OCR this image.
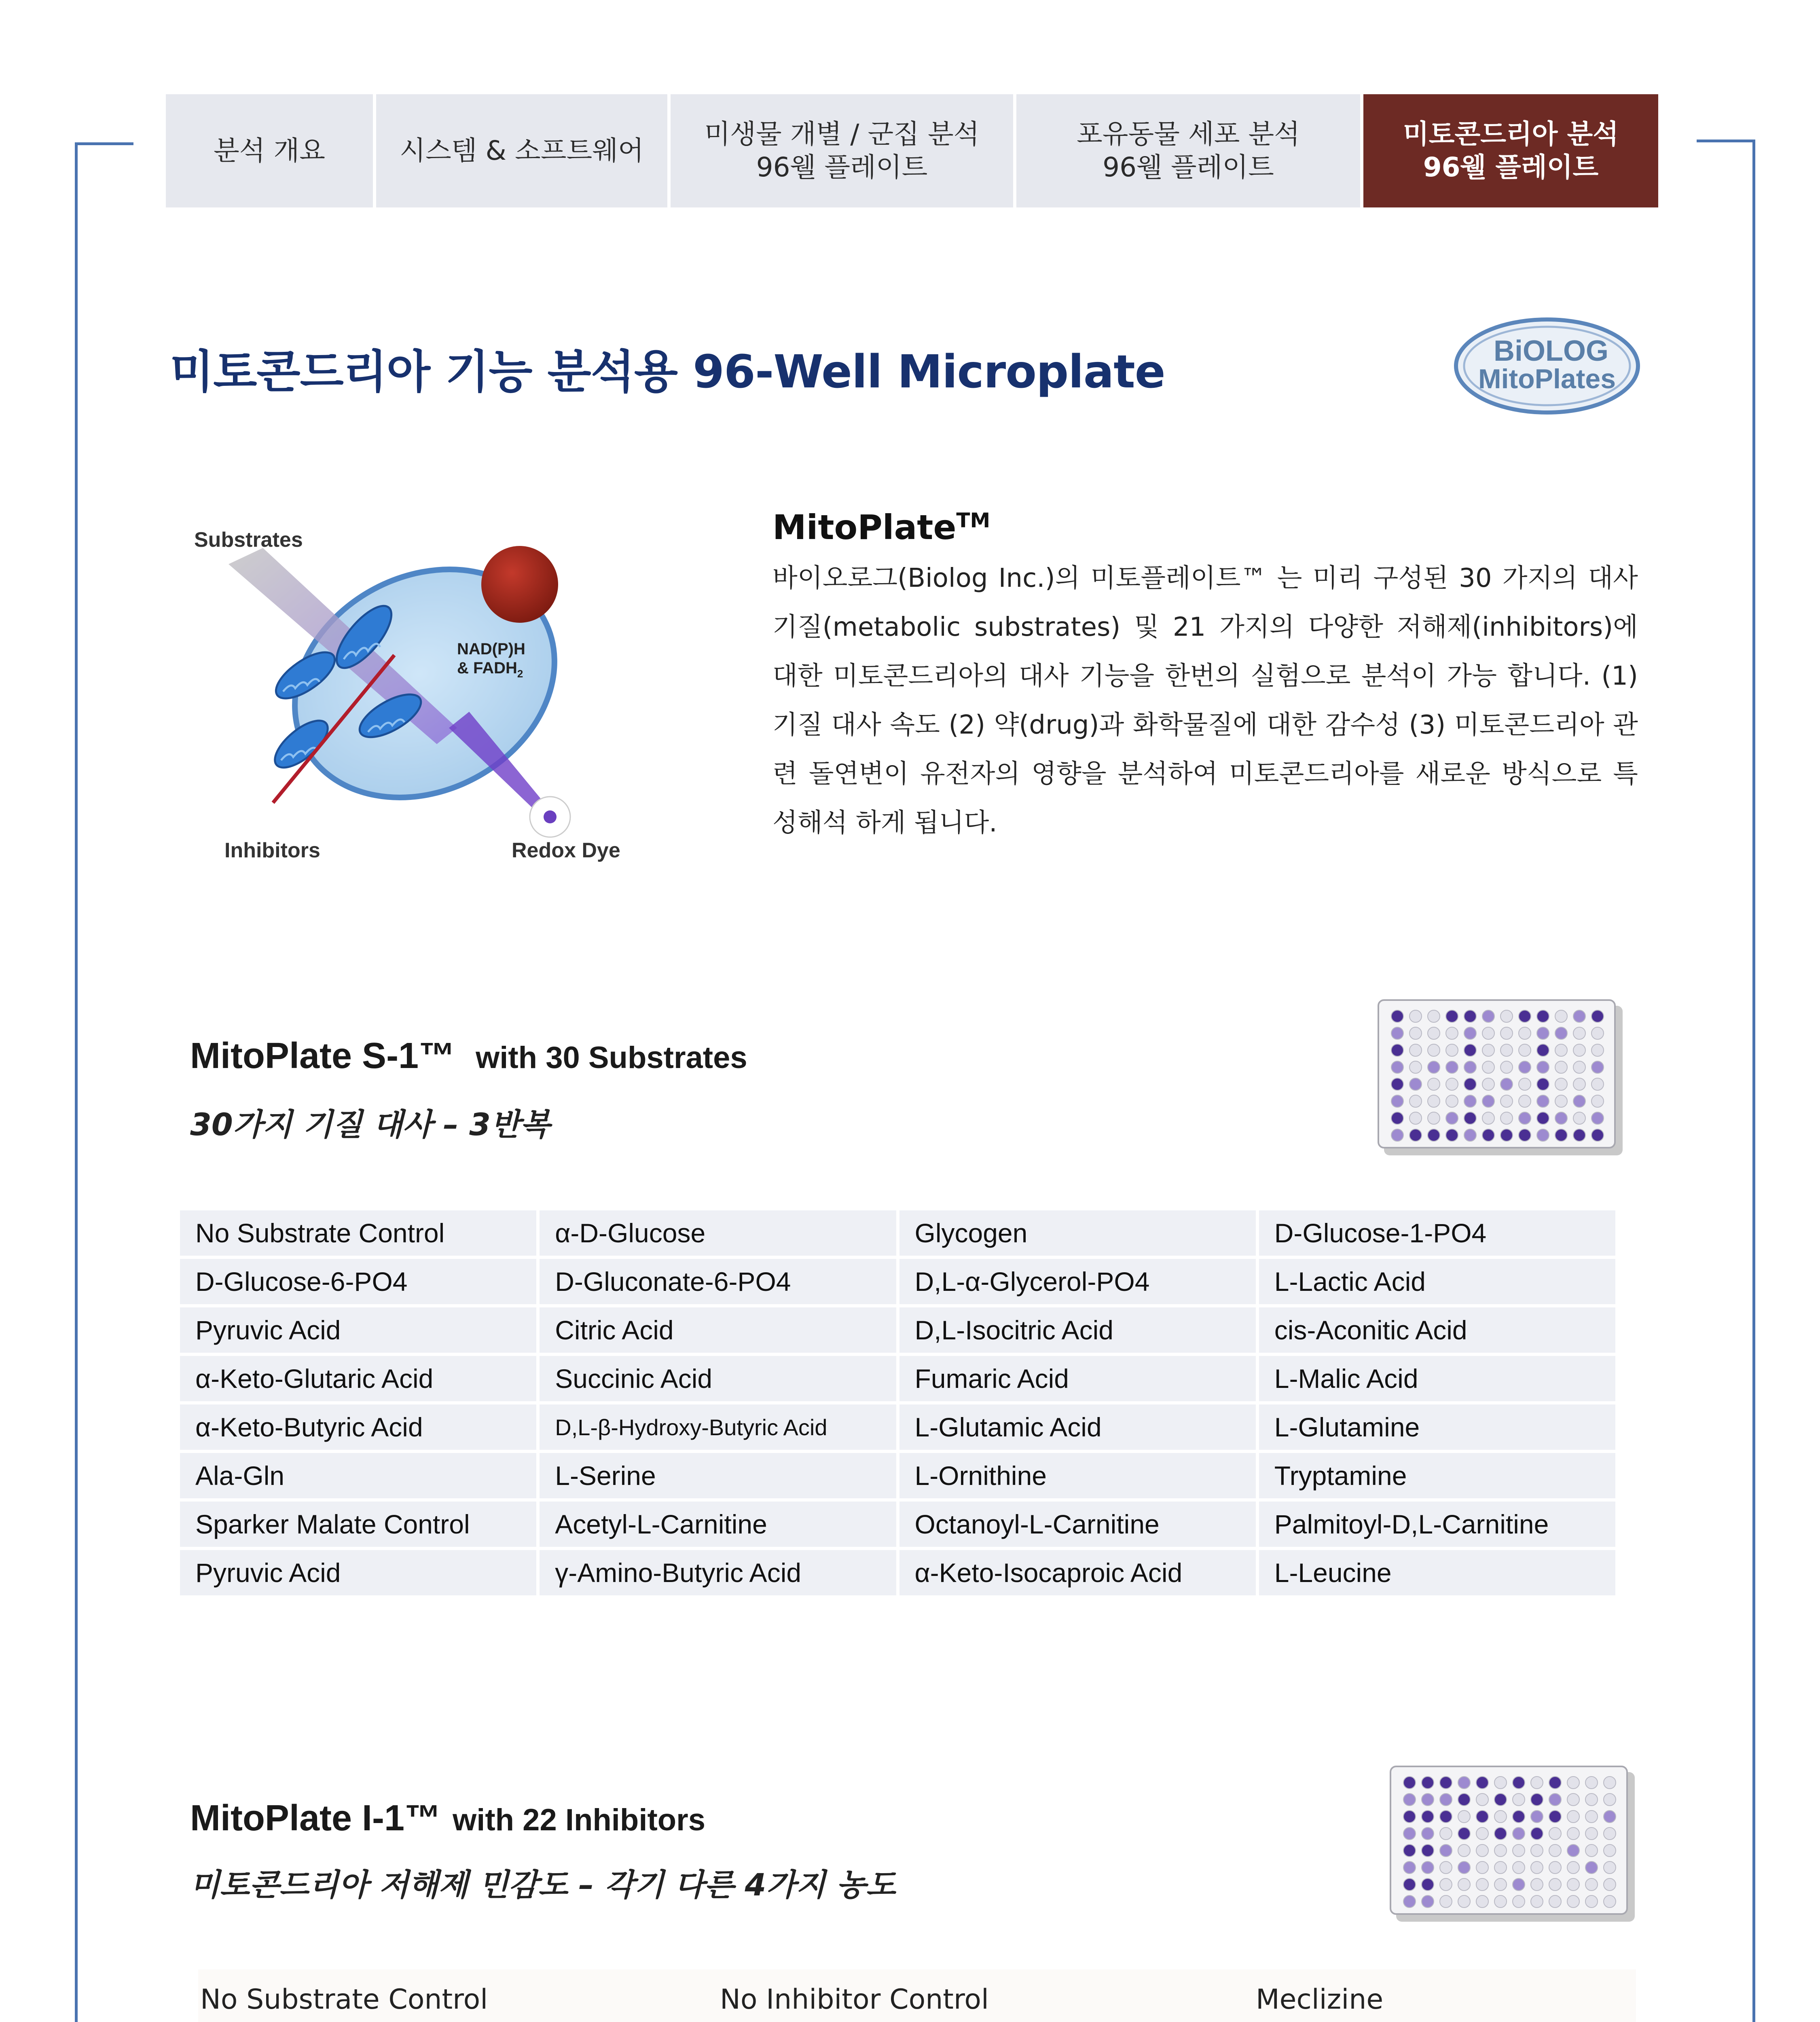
분석 개요	시스템 & 소프트웨어
미생물 개별 / 군집 분석
96웰 플레이트
포유동물 세포 분석
96웰 플레이트
미토콘드리아 분석
96웰 플레이트
미토콘드리아 기능 분석용 96-Well Microplate	BiOLOG
MitoPlates
Substrates
NAD(P)H
& $FADH_2$
Inhibitors	Redox Dye
MitoPlate™

바이오로그(Biolog Inc.)의 미토플레이트™ 는 미리 구성된 30 가지의 대사 기질(metabolic substrates) 및 21 가지의 다양한 저해제(inhibitors)에 대한 미토콘드리아의 대사 기능을 한번의 실험으로 분석이 가능 합니다. (1) 기질 대사 속도 (2) 약(drug)과 화학물질에 대한 감수성 (3) 미토콘드리아 관련 돌연변이 유전자의 영향을 분석하여 미토콘드리아를 새로운 방식으로 특성해석 하게 됩니다.

MitoPlate S-1™ with 30 Substrates
30가지 기질 대사 – 3반복
No Substrate Control	α-D-Glucose	Glycogen	D-Glucose-1-PO4
D-Glucose-6-PO4	D-Gluconate-6-PO4	D,L-α-Glycerol-PO4	L-Lactic Acid
Pyruvic Acid	Citric Acid	D,L-Isocitric Acid	cis-Aconitic Acid
α-Keto-Glutaric Acid	Succinic Acid	Fumaric Acid	L-Malic Acid
α-Keto-Butyric Acid	D,L-β-Hydroxy-Butyric Acid	L-Glutamic Acid	L-Glutamine
Ala-Gln	L-Serine	L-Ornithine	Tryptamine
Sparker Malate Control	Acetyl-L-Carnitine	Octanoyl-L-Carnitine	Palmitoyl-D,L-Carnitine
Pyruvic Acid	γ-Amino-Butyric Acid	α-Keto-Isocaproic Acid	L-Leucine
MitoPlate I-1™ with 22 Inhibitors
미토콘드리아 저해제 민감도 – 각기 다른 4가지 농도
No Substrate Control	No Inhibitor Control	Meclizine
